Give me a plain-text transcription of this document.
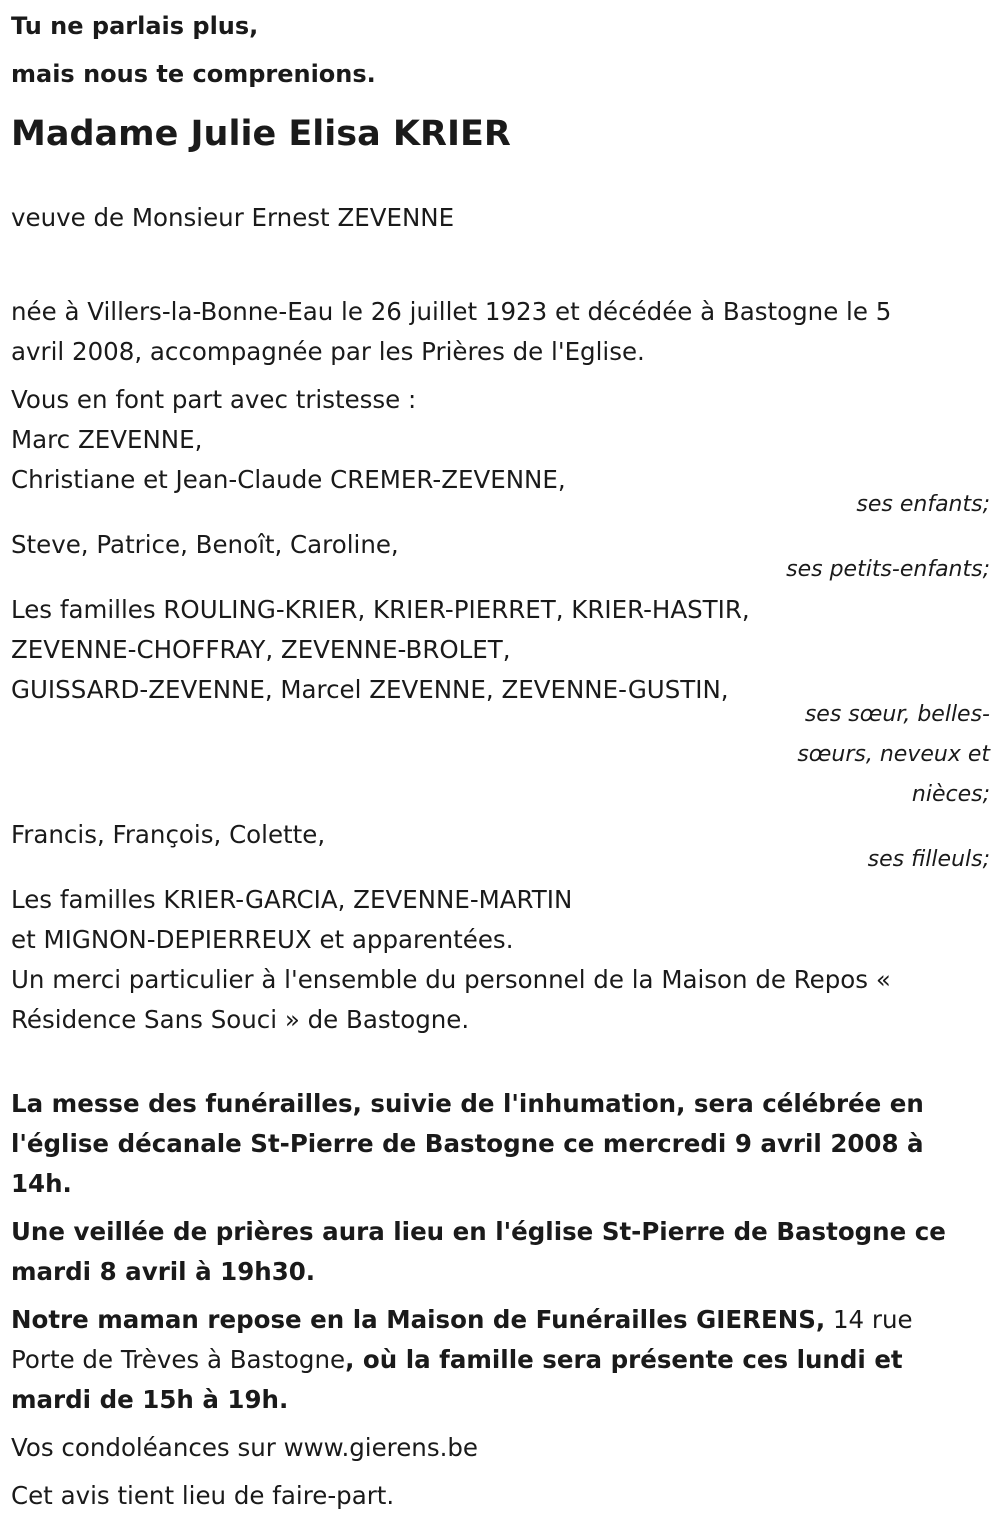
Tu ne parlais plus,
mais nous te comprenions.
Madame Julie Elisa KRIER
veuve de Monsieur Ernest ZEVENNE
née à Villers-la-Bonne-Eau le 26 juillet 1923 et décédée à Bastogne le 5
avril 2008, accompagnée par les Prières de l'Eglise.
Vous en font part avec tristesse :
Marc ZEVENNE,
Christiane et Jean-Claude CREMER-ZEVENNE,
ses enfants;
Steve, Patrice, Benoît, Caroline,
ses petits-enfants;
Les familles ROULING-KRIER, KRIER-PIERRET, KRIER-HASTIR,
ZEVENNE-CHOFFRAY, ZEVENNE-BROLET,
GUISSARD-ZEVENNE, Marcel ZEVENNE, ZEVENNE-GUSTIN,
ses sœur, belles-
sœurs, neveux et
nièces;
Francis, François, Colette,
ses filleuls;
Les familles KRIER-GARCIA, ZEVENNE-MARTIN
et MIGNON-DEPIERREUX et apparentées.
Un merci particulier à l'ensemble du personnel de la Maison de Repos «
Résidence Sans Souci » de Bastogne.
La messe des funérailles, suivie de l'inhumation, sera célébrée en
l'église décanale St-Pierre de Bastogne ce mercredi 9 avril 2008 à 14h.
Une veillée de prières aura lieu en l'église St-Pierre de Bastogne ce
mardi 8 avril à 19h30.
Notre maman repose en la Maison de Funérailles GIERENS, 14 rue
Porte de Trèves à Bastogne, où la famille sera présente ces lundi et
mardi de 15h à 19h.
Vos condoléances sur www.gierens.be
Cet avis tient lieu de faire-part.
